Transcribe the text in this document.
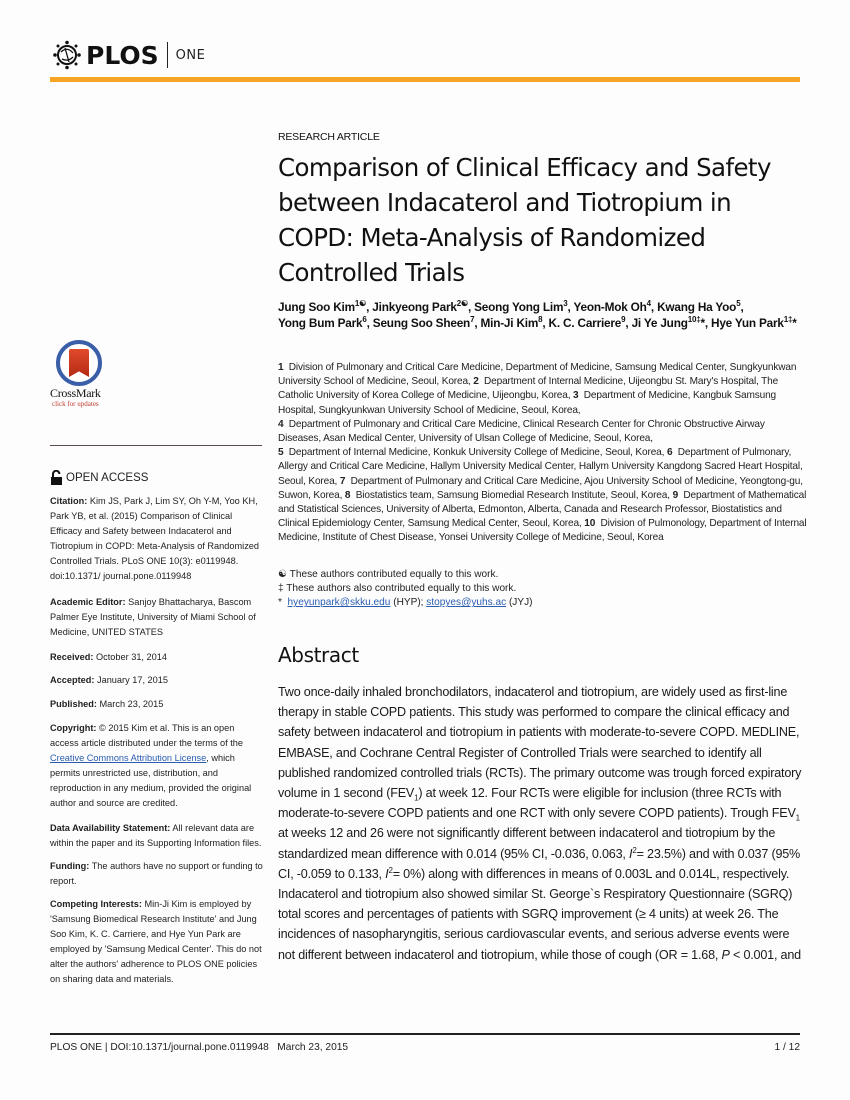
PLOS ONE
CrossMark
click for updates
OPEN ACCESS
Citation: Kim JS, Park J, Lim SY, Oh Y-M, Yoo KH, Park YB, et al. (2015) Comparison of Clinical Efficacy and Safety between Indacaterol and Tiotropium in COPD: Meta-Analysis of Randomized Controlled Trials. PLoS ONE 10(3): e0119948. doi:10.1371/ journal.pone.0119948
Academic Editor: Sanjoy Bhattacharya, Bascom Palmer Eye Institute, University of Miami School of Medicine, UNITED STATES
Received: October 31, 2014
Accepted: January 17, 2015
Published: March 23, 2015
Copyright: © 2015 Kim et al. This is an open access article distributed under the terms of the Creative Commons Attribution License, which permits unrestricted use, distribution, and reproduction in any medium, provided the original author and source are credited.
Data Availability Statement: All relevant data are within the paper and its Supporting Information files.
Funding: The authors have no support or funding to report.
Competing Interests: Min-Ji Kim is employed by 'Samsung Biomedical Research Institute' and Jung Soo Kim, K. C. Carriere, and Hye Yun Park are employed by 'Samsung Medical Center'. This do not alter the authors' adherence to PLOS ONE policies on sharing data and materials.
RESEARCH ARTICLE
Comparison of Clinical Efficacy and Safety between Indacaterol and Tiotropium in COPD: Meta-Analysis of Randomized Controlled Trials
Jung Soo Kim$^{1☯}$, Jinkyeong Park$^{2☯}$, Seong Yong Lim$^3$, Yeon-Mok Oh$^4$, Kwang Ha Yoo$^5$,
Yong Bum Park$^6$, Seung Soo Sheen$^7$, Min-Ji Kim$^8$, K. C. Carriere$^9$, Ji Ye Jung$^{10\ddagger}$*, Hye Yun Park$^{1\ddagger}$*
1 Division of Pulmonary and Critical Care Medicine, Department of Medicine, Samsung Medical Center, Sungkyunkwan University School of Medicine, Seoul, Korea, 2 Department of Internal Medicine, Uijeongbu St. Mary's Hospital, The Catholic University of Korea College of Medicine, Uijeongbu, Korea, 3 Department of Medicine, Kangbuk Samsung Hospital, Sungkyunkwan University School of Medicine, Seoul, Korea,
4 Department of Pulmonary and Critical Care Medicine, Clinical Research Center for Chronic Obstructive Airway Diseases, Asan Medical Center, University of Ulsan College of Medicine, Seoul, Korea,
5 Department of Internal Medicine, Konkuk University College of Medicine, Seoul, Korea, 6 Department of Pulmonary, Allergy and Critical Care Medicine, Hallym University Medical Center, Hallym University Kangdong Sacred Heart Hospital, Seoul, Korea, 7 Department of Pulmonary and Critical Care Medicine, Ajou University School of Medicine, Yeongtong-gu, Suwon, Korea, 8 Biostatistics team, Samsung Biomedial Research Institute, Seoul, Korea, 9 Department of Mathematical and Statistical Sciences, University of Alberta, Edmonton, Alberta, Canada and Research Professor, Biostatistics and Clinical Epidemiology Center, Samsung Medical Center, Seoul, Korea, 10 Division of Pulmonology, Department of Internal Medicine, Institute of Chest Disease, Yonsei University College of Medicine, Seoul, Korea
☯ These authors contributed equally to this work.
‡ These authors also contributed equally to this work.
* hyeyunpark@skku.edu (HYP); stopyes@yuhs.ac (JYJ)
Abstract
Two once-daily inhaled bronchodilators, indacaterol and tiotropium, are widely used as first-line therapy in stable COPD patients. This study was performed to compare the clinical efficacy and safety between indacaterol and tiotropium in patients with moderate-to-severe COPD. MEDLINE, EMBASE, and Cochrane Central Register of Controlled Trials were searched to identify all published randomized controlled trials (RCTs). The primary outcome was trough forced expiratory volume in 1 second $(FEV_1)$ at week 12. Four RCTs were eligible for inclusion (three RCTs with moderate-to-severe COPD patients and one RCT with only severe COPD patients). Trough $FEV_1$ at weeks 12 and 26 were not significantly different between indacaterol and tiotropium by the standardized mean difference with 0.014 (95% CI, -0.036, 0.063, $I^2= 23.5\%$) and with 0.037 (95% CI, -0.059 to 0.133, $I^2= 0\%$) along with differences in means of 0.003L and 0.014L, respectively. Indacaterol and tiotropium also showed similar St. George`s Respiratory Questionnaire (SGRQ) total scores and percentages of patients with SGRQ improvement (≥ 4 units) at week 26. The incidences of nasopharyngitis, serious cardiovascular events, and serious adverse events were not different between indacaterol and tiotropium, while those of cough (OR = 1.68, P < 0.001, and
PLOS ONE | DOI:10.1371/journal.pone.0119948   March 23, 2015	1 / 12
